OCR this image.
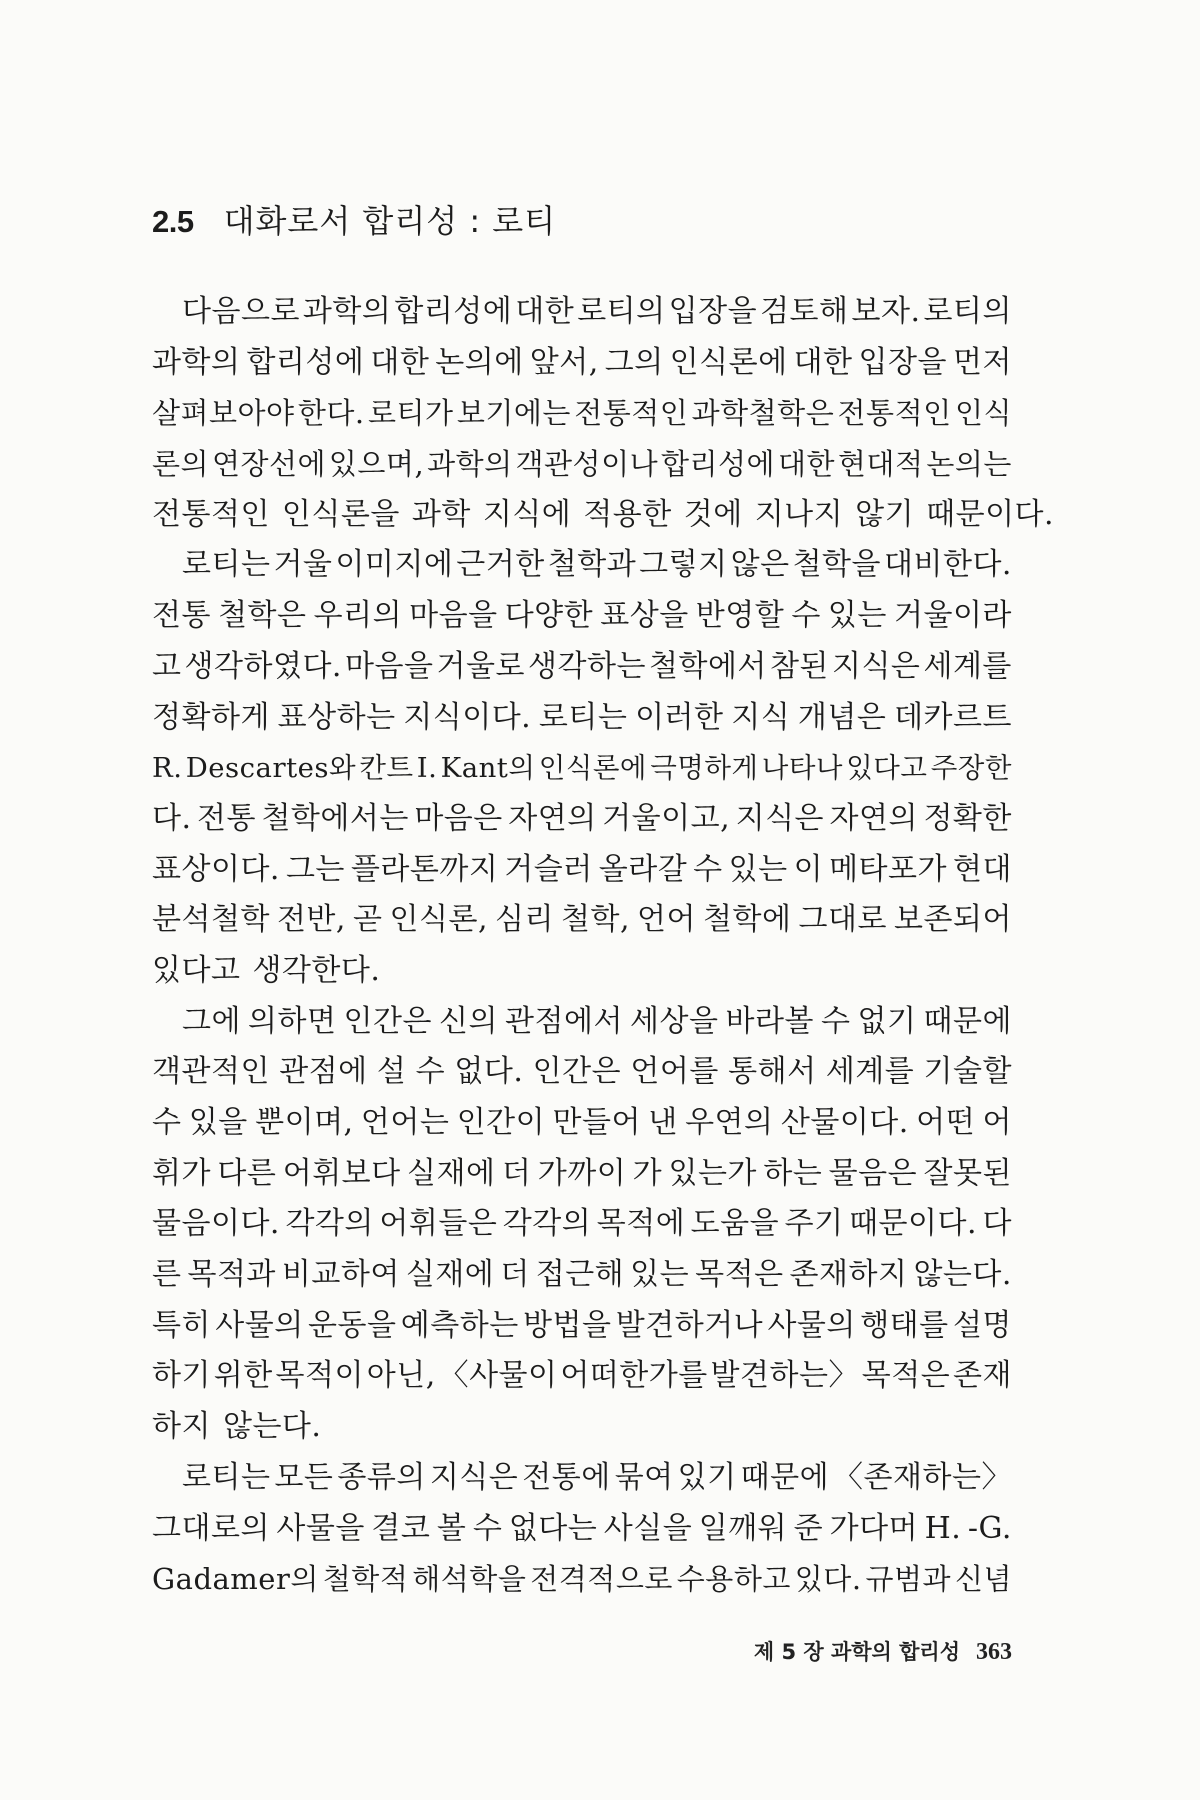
2.5 대화로서 합리성 : 로티
다음으로 과학의 합리성에 대한 로티의 입장을 검토해 보자. 로티의
과학의 합리성에 대한 논의에 앞서, 그의 인식론에 대한 입장을 먼저
살펴보아야 한다. 로티가 보기에는 전통적인 과학철학은 전통적인 인식
론의 연장선에 있으며, 과학의 객관성이나 합리성에 대한 현대적 논의는
전통적인 인식론을 과학 지식에 적용한 것에 지나지 않기 때문이다.
로티는 거울 이미지에 근거한 철학과 그렇지 않은 철학을 대비한다.
전통 철학은 우리의 마음을 다양한 표상을 반영할 수 있는 거울이라
고 생각하였다. 마음을 거울로 생각하는 철학에서 참된 지식은 세계를
정확하게 표상하는 지식이다. 로티는 이러한 지식 개념은 데카르트
R. Descartes와 칸트 I. Kant의 인식론에 극명하게 나타나 있다고 주장한
다. 전통 철학에서는 마음은 자연의 거울이고, 지식은 자연의 정확한
표상이다. 그는 플라톤까지 거슬러 올라갈 수 있는 이 메타포가 현대
분석철학 전반, 곧 인식론, 심리 철학, 언어 철학에 그대로 보존되어
있다고 생각한다.
그에 의하면 인간은 신의 관점에서 세상을 바라볼 수 없기 때문에
객관적인 관점에 설 수 없다. 인간은 언어를 통해서 세계를 기술할
수 있을 뿐이며, 언어는 인간이 만들어 낸 우연의 산물이다. 어떤 어
휘가 다른 어휘보다 실재에 더 가까이 가 있는가 하는 물음은 잘못된
물음이다. 각각의 어휘들은 각각의 목적에 도움을 주기 때문이다. 다
른 목적과 비교하여 실재에 더 접근해 있는 목적은 존재하지 않는다.
특히 사물의 운동을 예측하는 방법을 발견하거나 사물의 행태를 설명
하기 위한 목적이 아닌, 〈사물이 어떠한가를 발견하는〉 목적은 존재
하지 않는다.
로티는 모든 종류의 지식은 전통에 묶여 있기 때문에 〈존재하는〉
그대로의 사물을 결코 볼 수 없다는 사실을 일깨워 준 가다머 H. -G.
Gadamer의 철학적 해석학을 전격적으로 수용하고 있다. 규범과 신념
제 5 장 과학의 합리성 363
